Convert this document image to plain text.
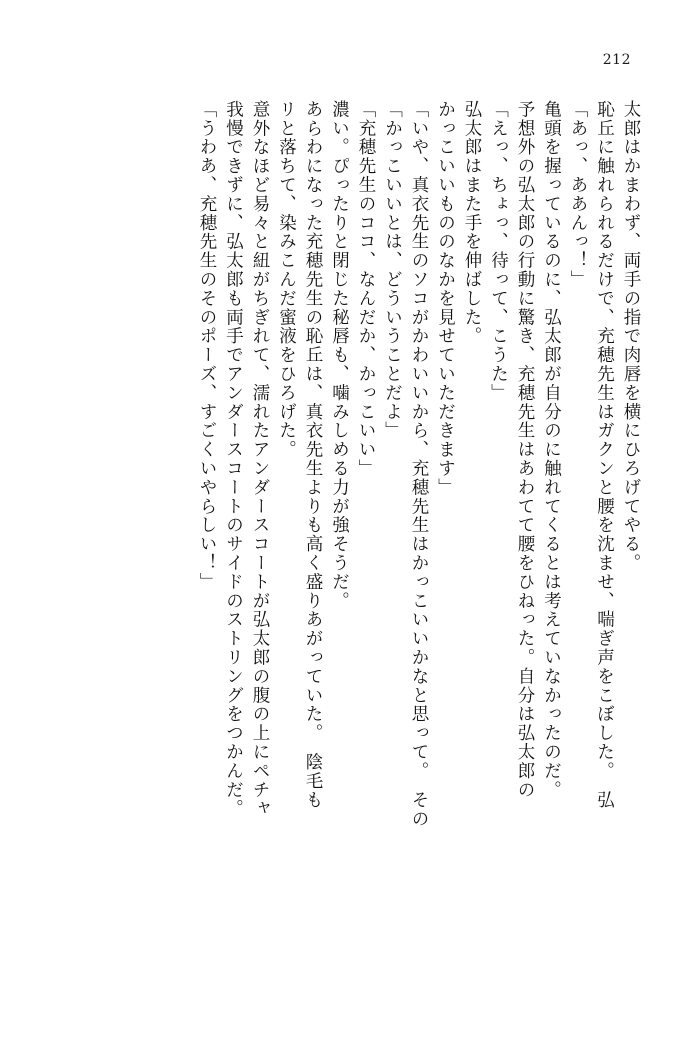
212
「うわあ、充穂先生のそのポーズ、すごくいやらしい！」 我慢できずに、弘太郎も両手でアンダースコートのサイドのストリングをつかんだ。 意外なほど易々と紐がちぎれて、濡れたアンダースコートが弘太郎の腹の上にペチャ リと落ちて、染みこんだ蜜液をひろげた。 あらわになった充穂先生の恥丘は、真衣先生よりも高く盛りあがっていた。　陰毛も 濃い。ぴったりと閉じた秘唇も、噛みしめる力が強そうだ。 「充穂先生のココ、なんだか、かっこいい」 「かっこいいとは、どういうことだよ」 「いや、真衣先生のソコがかわいいから、充穂先生はかっこいいかなと思って。　その かっこいいもののなかを見せていただきます」 弘太郎はまた手を伸ばした。 「えっ、ちょっ、待って、こうた」 予想外の弘太郎の行動に驚き、充穂先生はあわてて腰をひねった。自分は弘太郎の 亀頭を握っているのに、弘太郎が自分のに触れてくるとは考えていなかったのだ。 「あっ、ああんっ！」 恥丘に触れられるだけで、充穂先生はガクンと腰を沈ませ、喘ぎ声をこぼした。　弘 太郎はかまわず、両手の指で肉唇を横にひろげてやる。
